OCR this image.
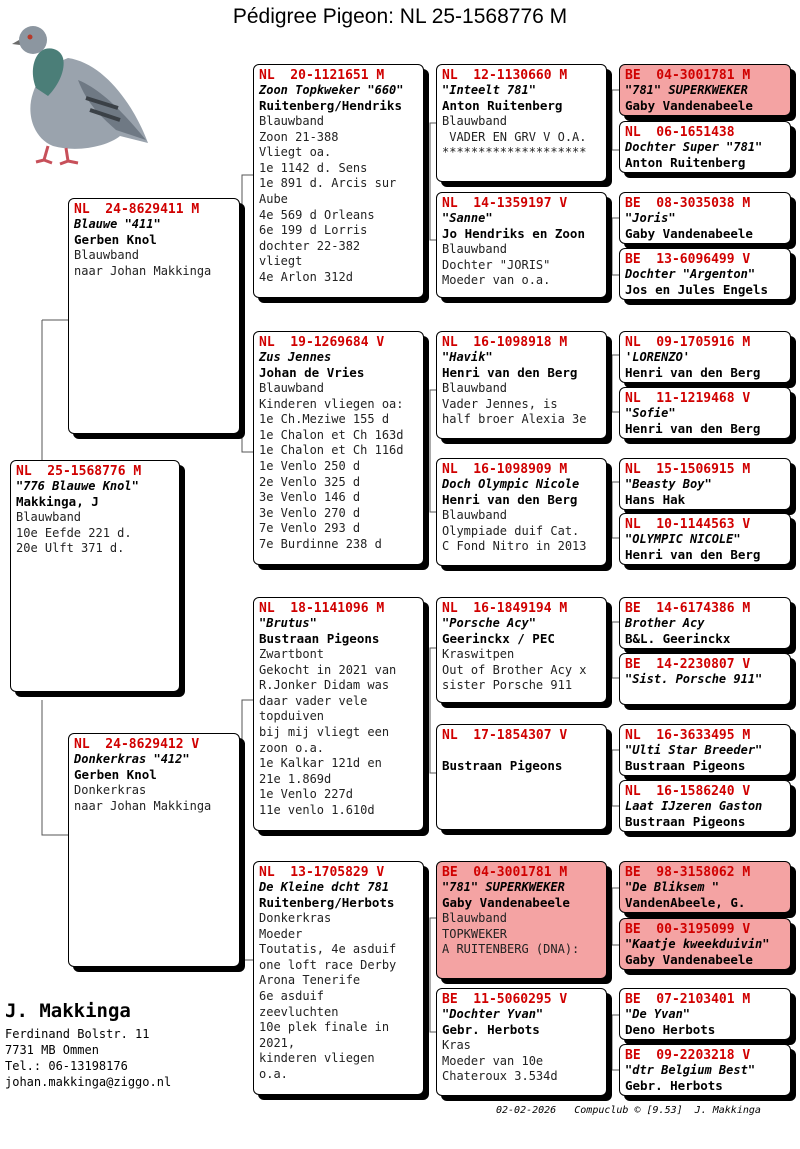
Pédigree Pigeon: NL 25-1568776 M
NL  25-1568776 M
"776 Blauwe Knol"
Makkinga, J
Blauwband
10e Eefde 221 d.
20e Ulft 371 d.
NL  24-8629411 M
Blauwe "411"
Gerben Knol
Blauwband
naar Johan Makkinga
NL  24-8629412 V
Donkerkras "412"
Gerben Knol
Donkerkras
naar Johan Makkinga
NL  20-1121651 M
Zoon Topkweker "660"
Ruitenberg/Hendriks
Blauwband
Zoon 21-388
Vliegt oa.
1e 1142 d. Sens
1e 891 d. Arcis sur
Aube
4e 569 d Orleans
6e 199 d Lorris
dochter 22-382
vliegt
4e Arlon 312d
NL  19-1269684 V
Zus Jennes
Johan de Vries
Blauwband
Kinderen vliegen oa:
1e Ch.Meziwe 155 d
1e Chalon et Ch 163d
1e Chalon et Ch 116d
1e Venlo 250 d
2e Venlo 325 d
3e Venlo 146 d
3e Venlo 270 d
7e Venlo 293 d
7e Burdinne 238 d
NL  18-1141096 M
"Brutus"
Bustraan Pigeons
Zwartbont
Gekocht in 2021 van
R.Jonker Didam was
daar vader vele
topduiven
bij mij vliegt een
zoon o.a.
1e Kalkar 121d en
21e 1.869d
1e Venlo 227d
11e venlo 1.610d
NL  13-1705829 V
De Kleine dcht 781
Ruitenberg/Herbots
Donkerkras
Moeder
Toutatis, 4e asduif
one loft race Derby
Arona Tenerife
6e asduif
zeevluchten
10e plek finale in
2021,
kinderen vliegen
o.a.
NL  12-1130660 M
"Inteelt 781"
Anton Ruitenberg
Blauwband
VADER EN GRV V O.A.
********************
NL  14-1359197 V
"Sanne"
Jo Hendriks en Zoon
Blauwband
Dochter "JORIS"
Moeder van o.a.
NL  16-1098918 M
"Havik"
Henri van den Berg
Blauwband
Vader Jennes, is
half broer Alexia 3e
NL  16-1098909 M
Doch Olympic Nicole
Henri van den Berg
Blauwband
Olympiade duif Cat.
C Fond Nitro in 2013
NL  16-1849194 M
"Porsche Acy"
Geerinckx / PEC
Kraswitpen
Out of Brother Acy x
sister Porsche 911
NL  17-1854307 V
Bustraan Pigeons
BE  04-3001781 M
"781" SUPERKWEKER
Gaby Vandenabeele
Blauwband
TOPKWEKER
A RUITENBERG (DNA):
BE  11-5060295 V
"Dochter Yvan"
Gebr. Herbots
Kras
Moeder van 10e
Chateroux 3.534d
BE  04-3001781 M
"781" SUPERKWEKER
Gaby Vandenabeele
NL  06-1651438
Dochter Super "781"
Anton Ruitenberg
BE  08-3035038 M
"Joris"
Gaby Vandenabeele
BE  13-6096499 V
Dochter "Argenton"
Jos en Jules Engels
NL  09-1705916 M
'LORENZO'
Henri van den Berg
NL  11-1219468 V
"Sofie"
Henri van den Berg
NL  15-1506915 M
"Beasty Boy"
Hans Hak
NL  10-1144563 V
"OLYMPIC NICOLE"
Henri van den Berg
BE  14-6174386 M
Brother Acy
B&L. Geerinckx
BE  14-2230807 V
"Sist. Porsche 911"
NL  16-3633495 M
"Ulti Star Breeder"
Bustraan Pigeons
NL  16-1586240 V
Laat IJzeren Gaston
Bustraan Pigeons
BE  98-3158062 M
"De Bliksem "
VandenAbeele, G.
BE  00-3195099 V
"Kaatje kweekduivin"
Gaby Vandenabeele
BE  07-2103401 M
"De Yvan"
Deno Herbots
BE  09-2203218 V
"dtr Belgium Best"
Gebr. Herbots
J. Makkinga
Ferdinand Bolstr. 11
7731 MB Ommen
Tel.: 06-13198176
johan.makkinga@ziggo.nl
02-02-2026   Compuclub © [9.53]  J. Makkinga
